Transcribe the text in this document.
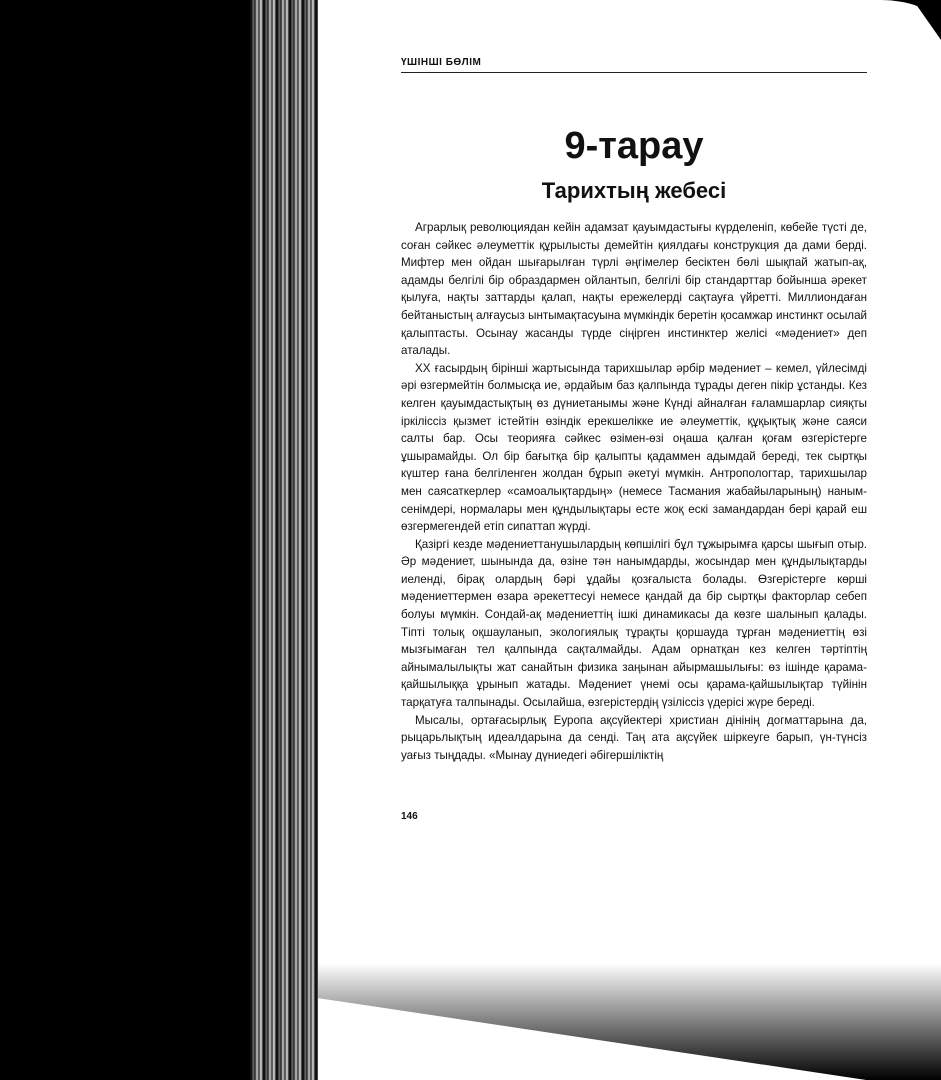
ҮШІНШІ БӨЛІМ
9-тарау
Тарихтың жебесі

Аграрлық революциядан кейін адамзат қауымдастығы күрделеніп, көбейе түсті де, соған сәйкес әлеуметтік құрылысты демейтін қиялдағы конструкция да дами берді. Мифтер мен ойдан шығарылған түрлі әңгімелер бесіктен бөлі шықпай жатып-ақ, адамды белгілі бір образдармен ойлантып, белгілі бір стандарттар бойынша әрекет қылуға, нақты заттарды қалап, нақты ережелерді сақтауға үйретті. Миллиондаған бейтаныстың алғаусыз ынтымақтасуына мүмкіндік беретін қосамжар инстинкт осылай қалыптасты. Осынау жасанды түрде сіңірген инстинктер желісі «мәдениет» деп аталады.

XX ғасырдың бірінші жартысында тарихшылар әрбір мәдениет – кемел, үйлесімді әрі өзгермейтін болмысқа ие, әрдайым баз қалпында тұрады деген пікір ұстанды. Кез келген қауымдастықтың өз дүниетанымы және Күнді айналған ғаламшарлар сияқты іркіліссіз қызмет істейтін өзіндік ерекшелікке ие әлеуметтік, құқықтық және саяси салты бар. Осы теорияға сәйкес өзімен-өзі оңаша қалған қоғам өзгерістерге ұшырамайды. Ол бір бағытқа бір қалыпты қадаммен адымдай береді, тек сыртқы күштер ғана белгіленген жолдан бұрып әкетуі мүмкін. Антропологтар, тарихшылар мен саясаткерлер «самоалықтардың» (немесе Тасмания жабайыларының) наным-сенімдері, нормалары мен құндылықтары есте жоқ ескі замандардан бері қарай еш өзгермегендей етіп сипаттап жүрді.

Қазіргі кезде мәдениеттанушылардың көпшілігі бұл тұжырымға қарсы шығып отыр. Әр мәдениет, шынында да, өзіне тән нанымдарды, жосындар мен құндылықтарды иеленді, бірақ олардың бәрі ұдайы қозғалыста болады. Өзгерістерге көрші мәдениеттермен өзара әрекеттесуі немесе қандай да бір сыртқы факторлар себеп болуы мүмкін. Сондай-ақ мәдениеттің ішкі динамикасы да көзге шалынып қалады. Тіпті толық оқшауланып, экологиялық тұрақты қоршауда тұрған мәдениеттің өзі мызғымаған тел қалпында сақталмайды. Адам орнатқан кез келген тәртіптің айнымалылықты жат санайтын физика заңынан айырмашылығы: өз ішінде қарама-қайшылыққа ұрынып жатады. Мәдениет үнемі осы қарама-қайшылықтар түйінін тарқатуға талпынады. Осылайша, өзгерістердің үзіліссіз үдерісі жүре береді.

Мысалы, ортағасырлық Еуропа ақсүйектері христиан дінінің догматтарына да, рыцарьлықтың идеалдарына да сенді. Таң ата ақсүйек шіркеуге барып, үн-түнсіз уағыз тыңдады. «Мынау дүниедегі әбігершіліктің

146
